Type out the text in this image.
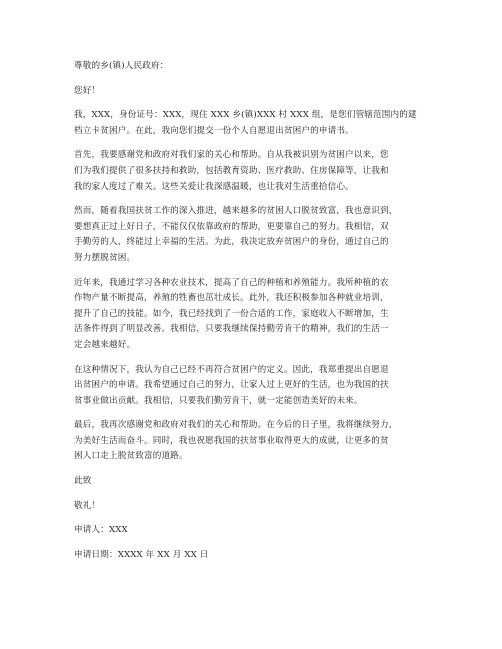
尊敬的乡(镇)人民政府：

您好！

我，XXX，身份证号：XXX，现住 XXX 乡(镇)XXX 村 XXX 组，是您们管辖范围内的建
档立卡贫困户。在此，我向您们提交一份个人自愿退出贫困户的申请书。

首先，我要感谢党和政府对我们家的关心和帮助。自从我被识别为贫困户以来，您
们为我们提供了很多扶持和救助，包括教育资助、医疗救助、住房保障等，让我和
我的家人度过了难关。这些关爱让我深感温暖，也让我对生活重拾信心。

然而，随着我国扶贫工作的深入推进，越来越多的贫困人口脱贫致富，我也意识到，
要想真正过上好日子，不能仅仅依靠政府的帮助，更要靠自己的努力。我相信，双
手勤劳的人，终能过上幸福的生活。为此，我决定放弃贫困户的身份，通过自己的
努力摆脱贫困。

近年来，我通过学习各种农业技术，提高了自己的种植和养殖能力。我所种植的农
作物产量不断提高，养殖的牲畜也茁壮成长。此外，我还积极参加各种就业培训，
提升了自己的技能。如今，我已经找到了一份合适的工作，家庭收入不断增加，生
活条件得到了明显改善。我相信，只要我继续保持勤劳肯干的精神，我们的生活一
定会越来越好。

在这种情况下，我认为自己已经不再符合贫困户的定义。因此，我郑重提出自愿退
出贫困户的申请。我希望通过自己的努力，让家人过上更好的生活，也为我国的扶
贫事业做出贡献。我相信，只要我们勤劳肯干，就一定能创造美好的未来。

最后，我再次感谢党和政府对我们的关心和帮助。在今后的日子里，我将继续努力，
为美好生活而奋斗。同时，我也祝愿我国的扶贫事业取得更大的成就，让更多的贫
困人口走上脱贫致富的道路。

此致

敬礼！

申请人：XXX

申请日期：XXXX 年 XX 月 XX 日
